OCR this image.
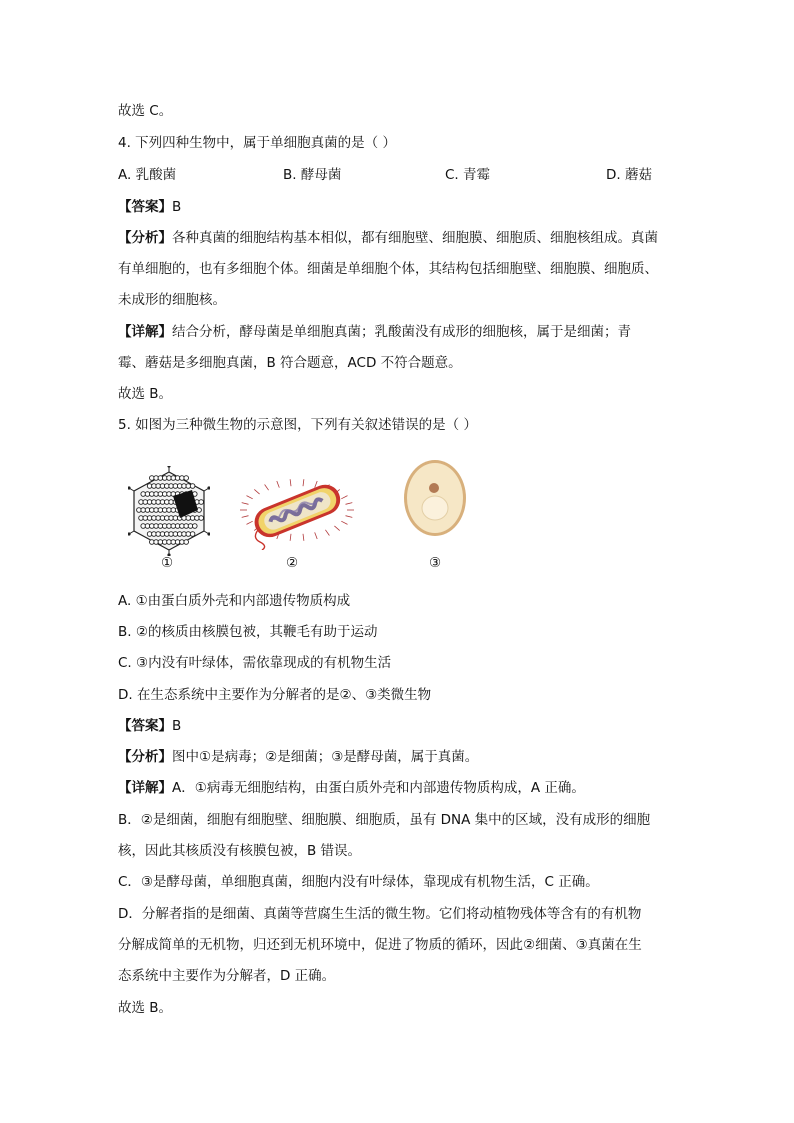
故选 C。
4. 下列四种生物中，属于单细胞真菌的是（ ）
A. 乳酸菌	B. 酵母菌	C. 青霉	D. 蘑菇
【答案】B
【分析】各种真菌的细胞结构基本相似，都有细胞壁、细胞膜、细胞质、细胞核组成。真菌
有单细胞的，也有多细胞个体。细菌是单细胞个体，其结构包括细胞壁、细胞膜、细胞质、
未成形的细胞核。
【详解】结合分析，酵母菌是单细胞真菌；乳酸菌没有成形的细胞核，属于是细菌；青
霉、蘑菇是多细胞真菌，B 符合题意，ACD 不符合题意。
故选 B。
5. 如图为三种微生物的示意图，下列有关叙述错误的是（ ）
①	②	③
A. ①由蛋白质外壳和内部遗传物质构成
B. ②的核质由核膜包被，其鞭毛有助于运动
C. ③内没有叶绿体，需依靠现成的有机物生活
D. 在生态系统中主要作为分解者的是②、③类微生物
【答案】B
【分析】图中①是病毒；②是细菌；③是酵母菌，属于真菌。
【详解】A．①病毒无细胞结构，由蛋白质外壳和内部遗传物质构成，A 正确。
B．②是细菌，细胞有细胞壁、细胞膜、细胞质，虽有 DNA 集中的区域，没有成形的细胞
核，因此其核质没有核膜包被，B 错误。
C．③是酵母菌，单细胞真菌，细胞内没有叶绿体，靠现成有机物生活，C 正确。
D．分解者指的是细菌、真菌等营腐生生活的微生物。它们将动植物残体等含有的有机物
分解成简单的无机物，归还到无机环境中，促进了物质的循环，因此②细菌、③真菌在生
态系统中主要作为分解者，D 正确。
故选 B。
